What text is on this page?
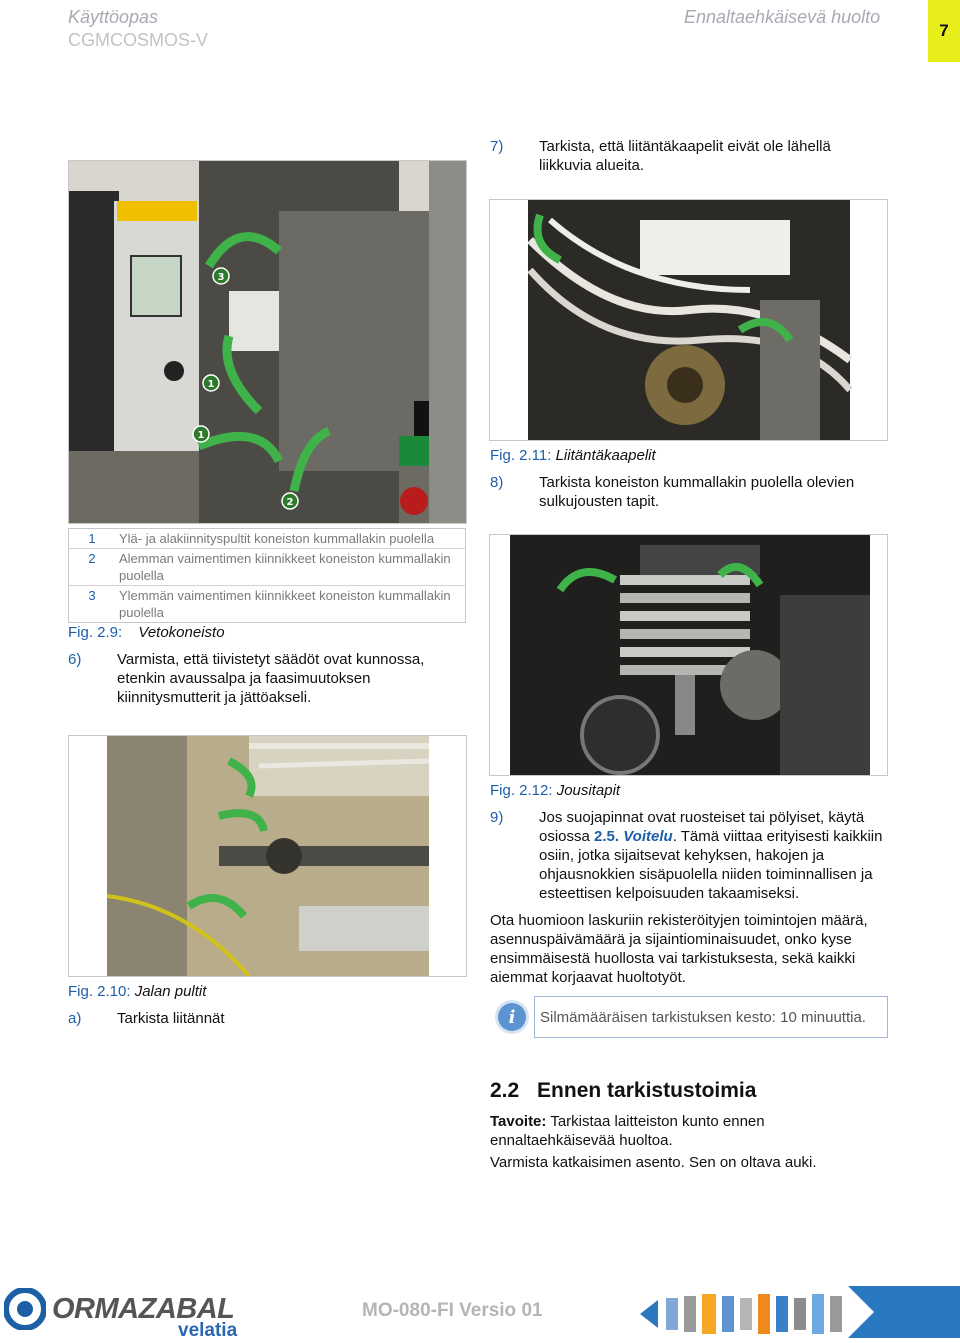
Käyttöopas
CGMCOSMOS-V
Ennaltaehkäisevä huolto
7
7) Tarkista, että liitäntäkaapelit eivät ole lähellä liikkuvia alueita.
3
1
1
2
1	Ylä- ja alakiinnityspultit koneiston kummallakin puolella
2	Alemman vaimentimen kiinnikkeet koneiston kummallakin puolella
3	Ylemmän vaimentimen kiinnikkeet koneiston kummallakin puolella
Fig. 2.9: Vetokoneisto
6) Varmista, että tiivistetyt säädöt ovat kunnossa, etenkin avaussalpa ja faasimuutoksen kiinnitysmutterit ja jättöakseli.
Fig. 2.11: Liitäntäkaapelit
8) Tarkista koneiston kummallakin puolella olevien sulkujousten tapit.
Fig. 2.12: Jousitapit
9) Jos suojapinnat ovat ruosteiset tai pölyiset, käytä osiossa 2.5. Voitelu. Tämä viittaa erityisesti kaikkiin osiin, jotka sijaitsevat kehyksen, hakojen ja ohjausnokkien sisäpuolella niiden toiminnallisen ja esteettisen kelpoisuuden takaamiseksi.
Fig. 2.10: Jalan pultit
a) Tarkista liitännät
Ota huomioon laskuriin rekisteröityjen toimintojen määrä, asennuspäivämäärä ja sijaintiominaisuudet, onko kyse ensimmäisestä huollosta vai tarkistuksesta, sekä kaikki aiemmat korjaavat huoltotyöt.
i	Silmämääräisen tarkistuksen kesto: 10 minuuttia.
2.2 Ennen tarkistustoimia
Tavoite: Tarkistaa laitteiston kunto ennen ennaltaehkäisevää huoltoa.
Varmista katkaisimen asento. Sen on oltava auki.
ORMAZABAL
velatia
MO-080-FI Versio 01
